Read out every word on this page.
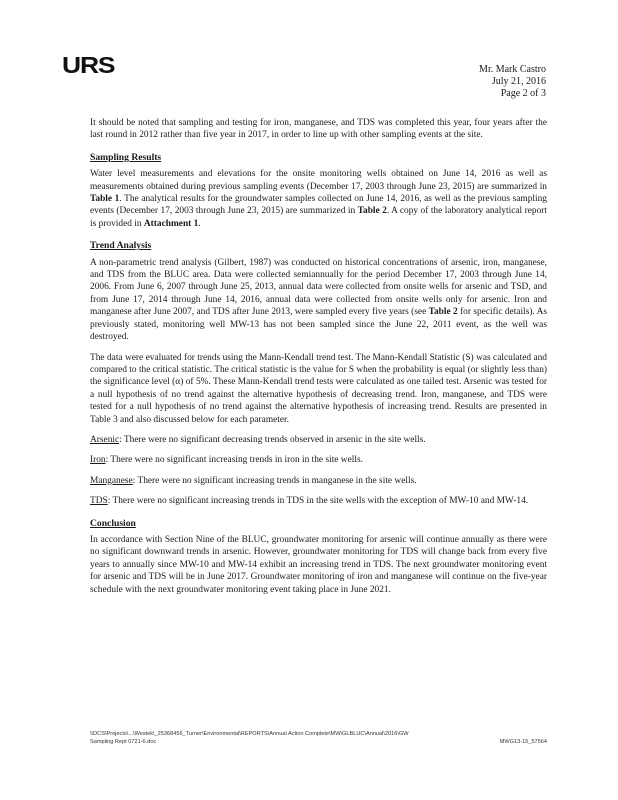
URS	Mr. Mark Castro
July 21, 2016
Page 2 of 3

It should be noted that sampling and testing for iron, manganese, and TDS was completed this year, four years after the last round in 2012 rather than five year in 2017, in order to line up with other sampling events at the site.

Sampling Results

Water level measurements and elevations for the onsite monitoring wells obtained on June 14, 2016 as well as measurements obtained during previous sampling events (December 17, 2003 through June 23, 2015) are summarized in Table 1. The analytical results for the groundwater samples collected on June 14, 2016, as well as the previous sampling events (December 17, 2003 through June 23, 2015) are summarized in Table 2. A copy of the laboratory analytical report is provided in Attachment 1.

Trend Analysis

A non-parametric trend analysis (Gilbert, 1987) was conducted on historical concentrations of arsenic, iron, manganese, and TDS from the BLUC area. Data were collected semiannually for the period December 17, 2003 through June 14, 2006. From June 6, 2007 through June 25, 2013, annual data were collected from onsite wells for arsenic and TSD, and from June 17, 2014 through June 14, 2016, annual data were collected from onsite wells only for arsenic. Iron and manganese after June 2007, and TDS after June 2013, were sampled every five years (see Table 2 for specific details). As previously stated, monitoring well MW-13 has not been sampled since the June 22, 2011 event, as the well was destroyed.

The data were evaluated for trends using the Mann-Kendall trend test. The Mann-Kendall Statistic (S) was calculated and compared to the critical statistic. The critical statistic is the value for S when the probability is equal (or slightly less than) the significance level (α) of 5%. These Mann-Kendall trend tests were calculated as one tailed test. Arsenic was tested for a null hypothesis of no trend against the alternative hypothesis of decreasing trend. Iron, manganese, and TDS were tested for a null hypothesis of no trend against the alternative hypothesis of increasing trend. Results are presented in Table 3 and also discussed below for each parameter.

Arsenic: There were no significant decreasing trends observed in arsenic in the site wells.

Iron: There were no significant increasing trends in iron in the site wells.

Manganese: There were no significant increasing trends in manganese in the site wells.

TDS: There were no significant increasing trends in TDS in the site wells with the exception of MW-10 and MW-14.

Conclusion

In accordance with Section Nine of the BLUC, groundwater monitoring for arsenic will continue annually as there were no significant downward trends in arsenic. However, groundwater monitoring for TDS will change back from every five years to annually since MW-10 and MW-14 exhibit an increasing trend in TDS. The next groundwater monitoring event for arsenic and TDS will be in June 2017. Groundwater monitoring of iron and manganese will continue on the five-year schedule with the next groundwater monitoring event taking place in June 2021.

\\DCS\Projects\...\Westek\_25368456_Turner\Environmental\REPORTS\Annual Action Complete\MW\GLBLUC\Annual\2016\GW
Sampling Rept 0721-6.doc	MWG13-15_57564
